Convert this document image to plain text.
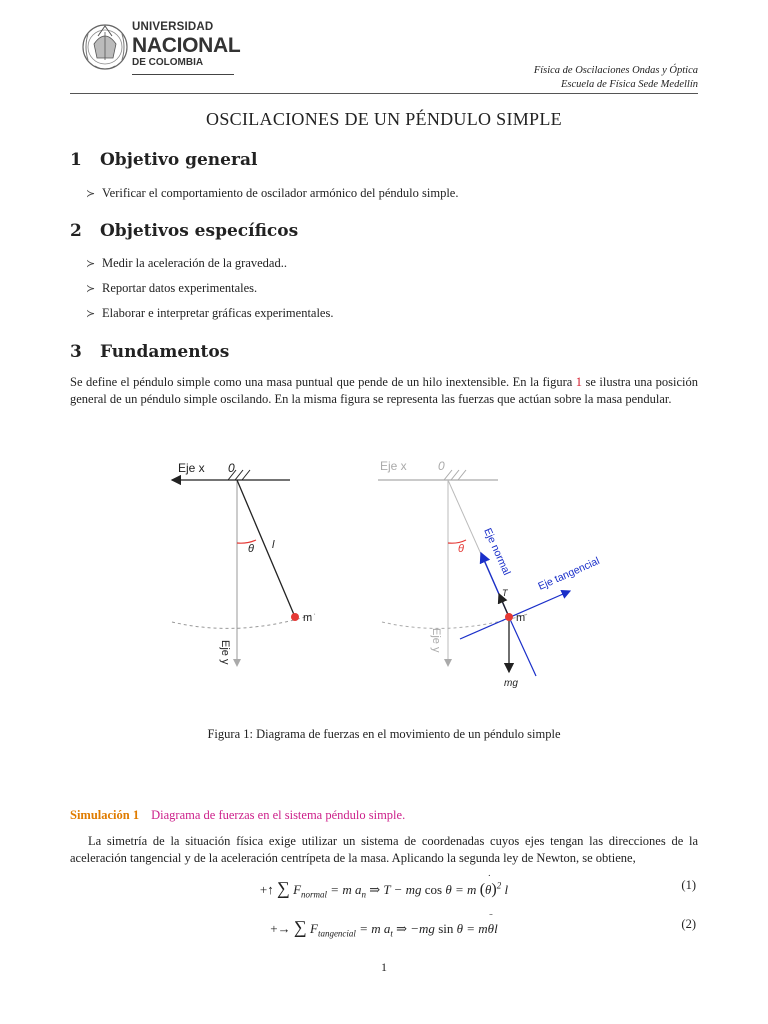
UNIVERSIDAD
NACIONAL
DE COLOMBIA
Física de Oscilaciones Ondas y Óptica
Escuela de Física Sede Medellín
OSCILACIONES DE UN PÉNDULO SIMPLE
1 Objetivo general
≻ Verificar el comportamiento de oscilador armónico del péndulo simple.
2 Objetivos específicos
≻ Medir la aceleración de la gravedad..
≻ Reportar datos experimentales.
≻ Elaborar e interpretar gráficas experimentales.
3 Fundamentos
Se define el péndulo simple como una masa puntual que pende de un hilo inextensible. En la figura 1 se ilustra una posición general de un péndulo simple oscilando. En la misma figura se representa las fuerzas que actúan sobre la masa pendular.
Eje x 0
Eje y
θ l
m
Eje x	0
Eje y
θ Eje normal Eje tangencial
T
mg
m
Figura 1: Diagrama de fuerzas en el movimiento de un péndulo simple
Simulación 1 Diagrama de fuerzas en el sistema péndulo simple.
La simetría de la situación física exige utilizar un sistema de coordenadas cuyos ejes tengan las direcciones de la aceleración tangencial y de la aceleración centrípeta de la masa. Aplicando la segunda ley de Newton, se obtiene,
+↑ ∑ $F_{normal} = m$ $a_n$ ⇒ T − mg cos θ = m (θ
˙
)$^2$ l	(1)
+→ ∑ $F_{tangencial} = m$ $a_t$ ⇒ −mg sin θ = mθ
¨
l	(2)
1
